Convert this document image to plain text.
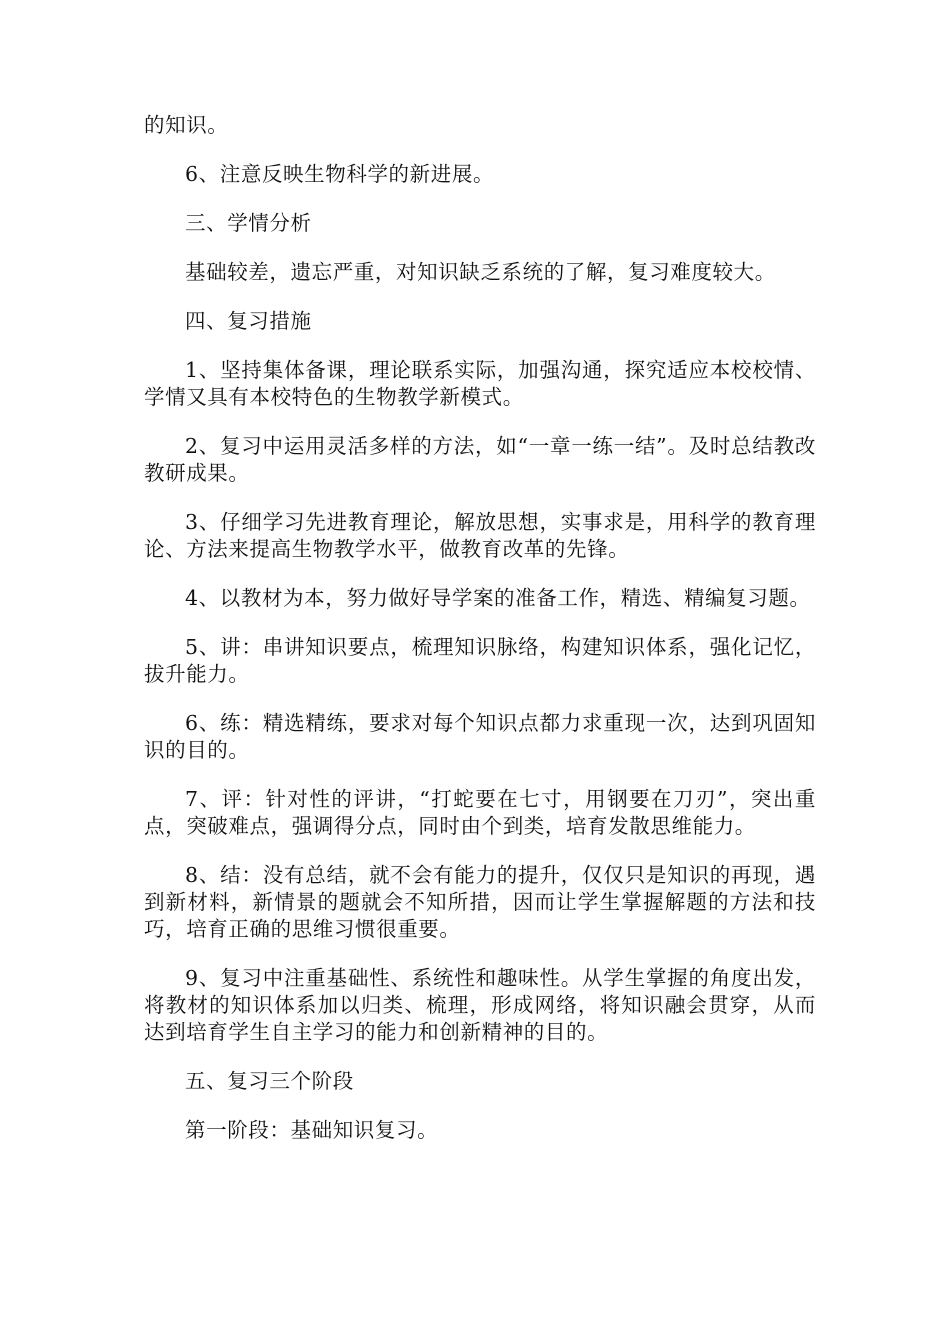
的知识。

6、注意反映生物科学的新进展。

三、学情分析

基础较差，遗忘严重，对知识缺乏系统的了解，复习难度较大。

四、复习措施

1、坚持集体备课，理论联系实际，加强沟通，探究适应本校校情、学情又具有本校特色的生物教学新模式。

2、复习中运用灵活多样的方法，如“一章一练一结”。及时总结教改教研成果。

3、仔细学习先进教育理论，解放思想，实事求是，用科学的教育理论、方法来提高生物教学水平，做教育改革的先锋。

4、以教材为本，努力做好导学案的准备工作，精选、精编复习题。

5、讲：串讲知识要点，梳理知识脉络，构建知识体系，强化记忆，拔升能力。

6、练：精选精练，要求对每个知识点都力求重现一次，达到巩固知识的目的。

7、评：针对性的评讲，“打蛇要在七寸，用钢要在刀刃”，突出重点，突破难点，强调得分点，同时由个到类，培育发散思维能力。

8、结：没有总结，就不会有能力的提升，仅仅只是知识的再现，遇到新材料，新情景的题就会不知所措，因而让学生掌握解题的方法和技巧，培育正确的思维习惯很重要。

9、复习中注重基础性、系统性和趣味性。从学生掌握的角度出发，将教材的知识体系加以归类、梳理，形成网络，将知识融会贯穿，从而达到培育学生自主学习的能力和创新精神的目的。

五、复习三个阶段

第一阶段：基础知识复习。
